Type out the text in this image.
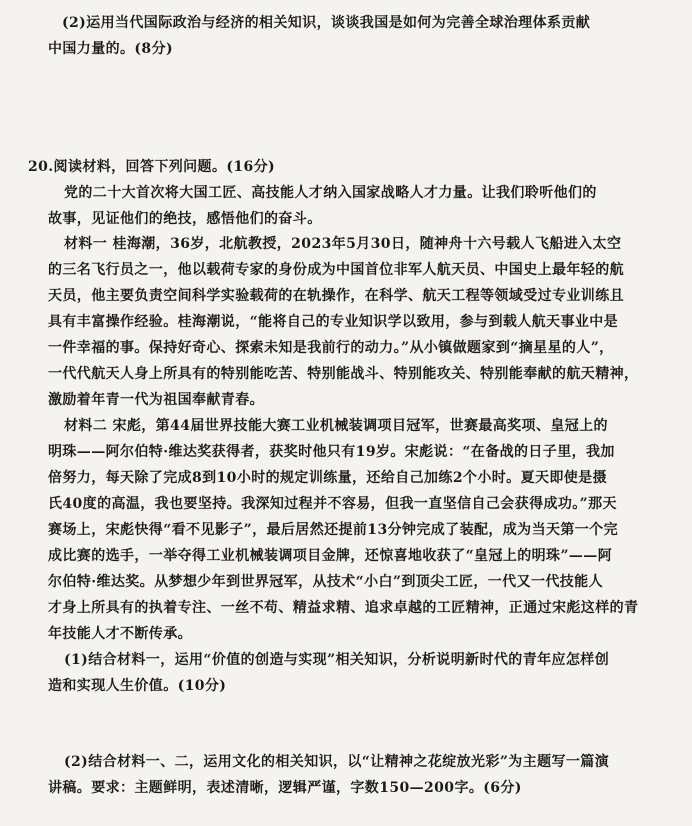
(2)运用当代国际政治与经济的相关知识，谈谈我国是如何为完善全球治理体系贡献
中国力量的。(8分)
20.阅读材料，回答下列问题。(16分)
党的二十大首次将大国工匠、高技能人才纳入国家战略人才力量。让我们聆听他们的
故事，见证他们的绝技，感悟他们的奋斗。
材料一 桂海潮，36岁，北航教授，2023年5月30日，随神舟十六号载人飞船进入太空
的三名飞行员之一，他以载荷专家的身份成为中国首位非军人航天员、中国史上最年轻的航
天员，他主要负责空间科学实验载荷的在轨操作，在科学、航天工程等领域受过专业训练且
具有丰富操作经验。桂海潮说，“能将自己的专业知识学以致用，参与到载人航天事业中是
一件幸福的事。保持好奇心、探索未知是我前行的动力。”从小镇做题家到“摘星星的人”，
一代代航天人身上所具有的特别能吃苦、特别能战斗、特别能攻关、特别能奉献的航天精神，
激励着年青一代为祖国奉献青春。
材料二 宋彪，第44届世界技能大赛工业机械装调项目冠军，世赛最高奖项、皇冠上的
明珠——阿尔伯特·维达奖获得者，获奖时他只有19岁。宋彪说：“在备战的日子里，我加
倍努力，每天除了完成8到10小时的规定训练量，还给自己加练2个小时。夏天即使是摄
氏40度的高温，我也要坚持。我深知过程并不容易，但我一直坚信自己会获得成功。”那天
赛场上，宋彪快得“看不见影子”，最后居然还提前13分钟完成了装配，成为当天第一个完
成比赛的选手，一举夺得工业机械装调项目金牌，还惊喜地收获了“皇冠上的明珠”——阿
尔伯特·维达奖。从梦想少年到世界冠军，从技术“小白”到顶尖工匠，一代又一代技能人
才身上所具有的执着专注、一丝不苟、精益求精、追求卓越的工匠精神，正通过宋彪这样的青
年技能人才不断传承。
(1)结合材料一，运用“价值的创造与实现”相关知识，分析说明新时代的青年应怎样创
造和实现人生价值。(10分)
(2)结合材料一、二，运用文化的相关知识，以“让精神之花绽放光彩”为主题写一篇演
讲稿。要求：主题鲜明，表述清晰，逻辑严谨，字数150—200字。(6分)
